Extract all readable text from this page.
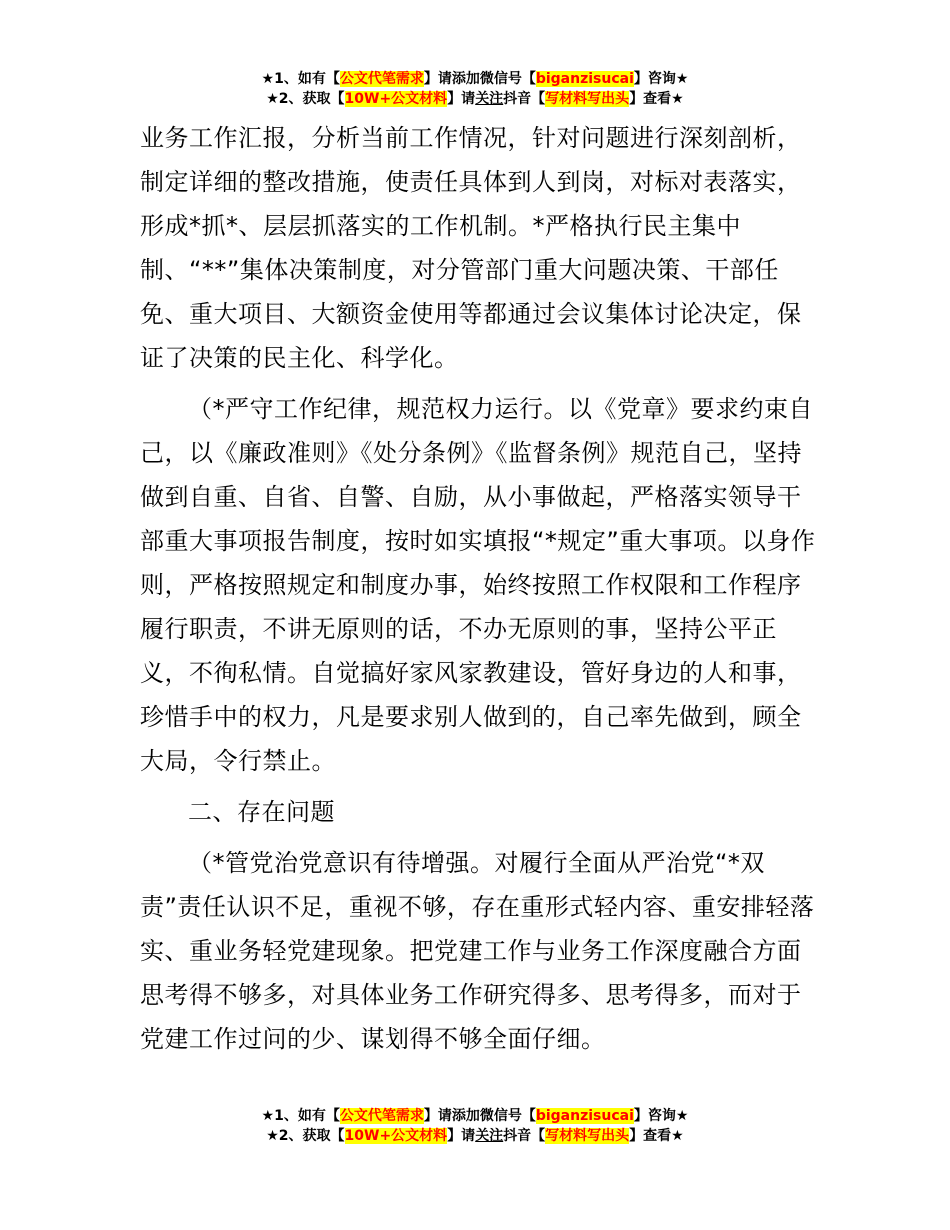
★1、如有【公文代笔需求】请添加微信号【biganzisucai】咨询★
★2、获取【10W+公文材料】请关注抖音【写材料写出头】查看★

业务工作汇报，分析当前工作情况，针对问题进行深刻剖析，制定详细的整改措施，使责任具体到人到岗，对标对表落实，形成*抓*、层层抓落实的工作机制。*严格执行民主集中制、“**”集体决策制度，对分管部门重大问题决策、干部任免、重大项目、大额资金使用等都通过会议集体讨论决定，保证了决策的民主化、科学化。

（*严守工作纪律，规范权力运行。以《党章》要求约束自己，以《廉政准则》《处分条例》《监督条例》规范自己，坚持做到自重、自省、自警、自励，从小事做起，严格落实领导干部重大事项报告制度，按时如实填报“*规定”重大事项。以身作则，严格按照规定和制度办事，始终按照工作权限和工作程序履行职责，不讲无原则的话，不办无原则的事，坚持公平正义，不徇私情。自觉搞好家风家教建设，管好身边的人和事，珍惜手中的权力，凡是要求别人做到的，自己率先做到，顾全大局，令行禁止。

二、存在问题

（*管党治党意识有待增强。对履行全面从严治党“*双责”责任认识不足，重视不够，存在重形式轻内容、重安排轻落实、重业务轻党建现象。把党建工作与业务工作深度融合方面思考得不够多，对具体业务工作研究得多、思考得多，而对于党建工作过问的少、谋划得不够全面仔细。

★1、如有【公文代笔需求】请添加微信号【biganzisucai】咨询★
★2、获取【10W+公文材料】请关注抖音【写材料写出头】查看★
